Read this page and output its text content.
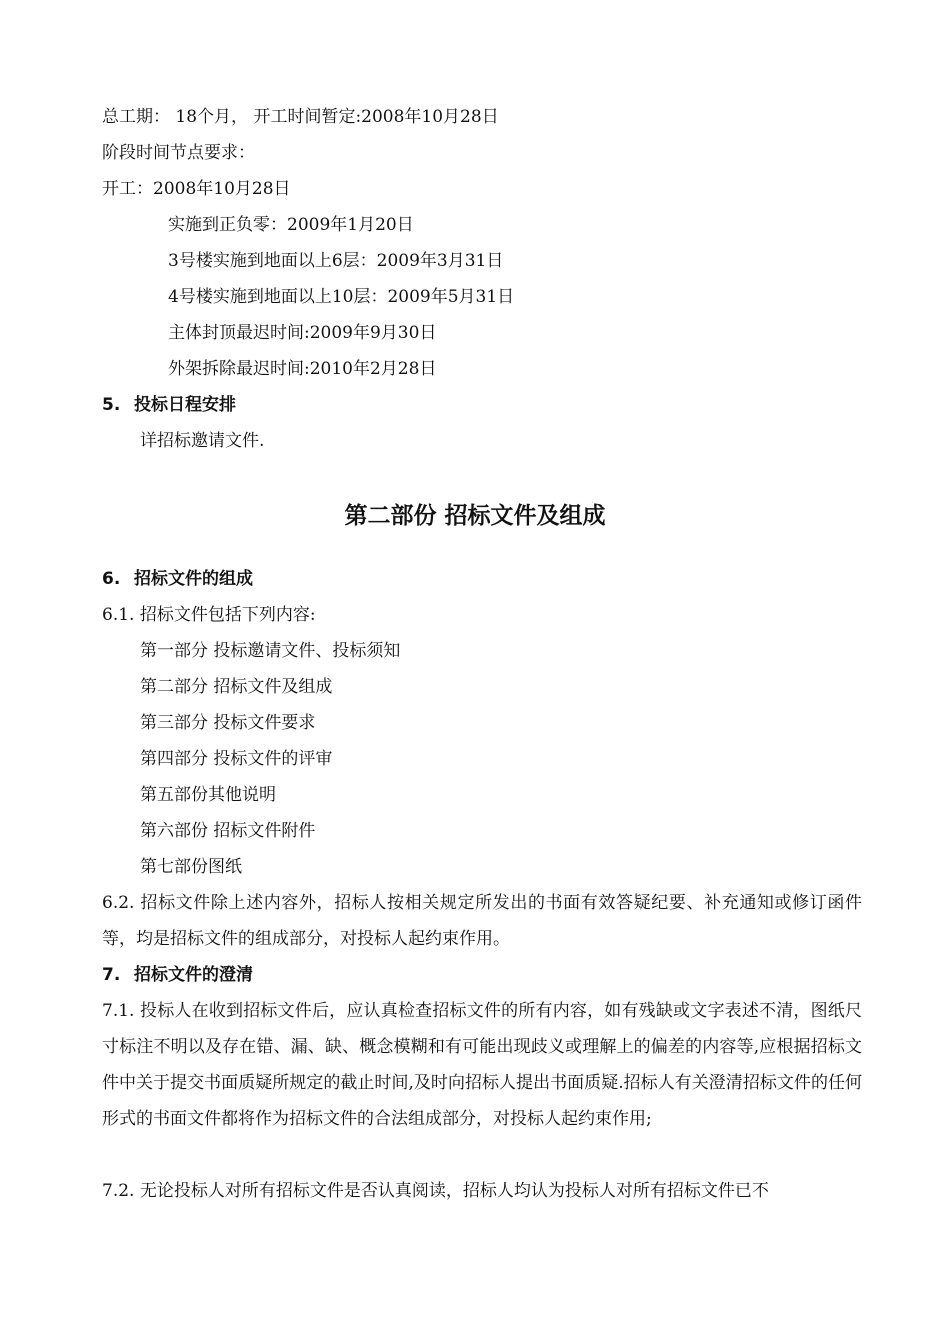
总工期： 18个月， 开工时间暂定:2008年10月28日
阶段时间节点要求：
开工：2008年10月28日
实施到正负零：2009年1月20日
3号楼实施到地面以上6层：2009年3月31日
4号楼实施到地面以上10层：2009年5月31日
主体封顶最迟时间:2009年9月30日
外架拆除最迟时间:2010年2月28日
5. 投标日程安排
详招标邀请文件.
第二部份 招标文件及组成
6. 招标文件的组成
6.1. 招标文件包括下列内容:
第一部分 投标邀请文件、投标须知
第二部分 招标文件及组成
第三部分 投标文件要求
第四部分 投标文件的评审
第五部份其他说明
第六部份 招标文件附件
第七部份图纸
6.2. 招标文件除上述内容外，招标人按相关规定所发出的书面有效答疑纪要、补充通知或修订函件等，均是招标文件的组成部分，对投标人起约束作用。
7. 招标文件的澄清
7.1. 投标人在收到招标文件后，应认真检查招标文件的所有内容，如有残缺或文字表述不清，图纸尺寸标注不明以及存在错、漏、缺、概念模糊和有可能出现歧义或理解上的偏差的内容等,应根据招标文件中关于提交书面质疑所规定的截止时间,及时向招标人提出书面质疑.招标人有关澄清招标文件的任何形式的书面文件都将作为招标文件的合法组成部分，对投标人起约束作用;
7.2. 无论投标人对所有招标文件是否认真阅读，招标人均认为投标人对所有招标文件已不
